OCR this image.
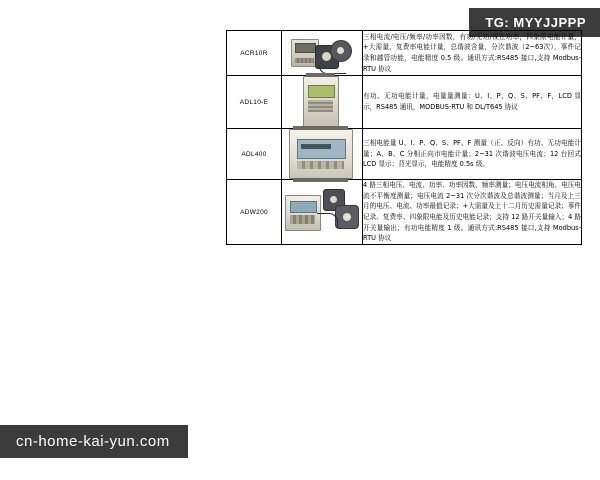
TG: MYYJJPPP
ACR10R		三相电流/电压/频率/功率因数，有功/无功/视在功率，四象限电能计量，+大需量，复费率电能计量，总谐波含量，分次谐波（2~63次），事件记录和越管功能，电能精度 0.5 级。通讯方式:RS485 接口,支持 Modbus-RTU 协议
ADL10-E		有功、无功电能计量，电量量测量：U、I、P、Q、S、PF、F，LCD 显示，RS485 通讯，MODBUS-RTU 和 DL/T645 协议
ADL400		三相电能量 U、I、P、Q、S、PF、F 测量（正、反向）有功、无功电能计量；A、B、C 分相正向市电能计量；2~31 次谐波电压电流；12 台回式 LCD 显示；背光显示，电能精度 0.5s 级。
ADW200		4 路三相电压、电流、功率、功率因数、频率测量；电压电流相角、电压电流不平衡度测量；电压电流 2~31 次分次谐波及总谐波测量；当月及上三月的电压、电流、功率最值记录；+大需量及上十二月历史需量记录；事件记录、复费率、四象限电能及历史电能记录；支持 12 路开关量输入；4 路开关量输出；有功电能精度 1 级。通讯方式:RS485 接口,支持 Modbus-RTU 协议
cn-home-kai-yun.com
